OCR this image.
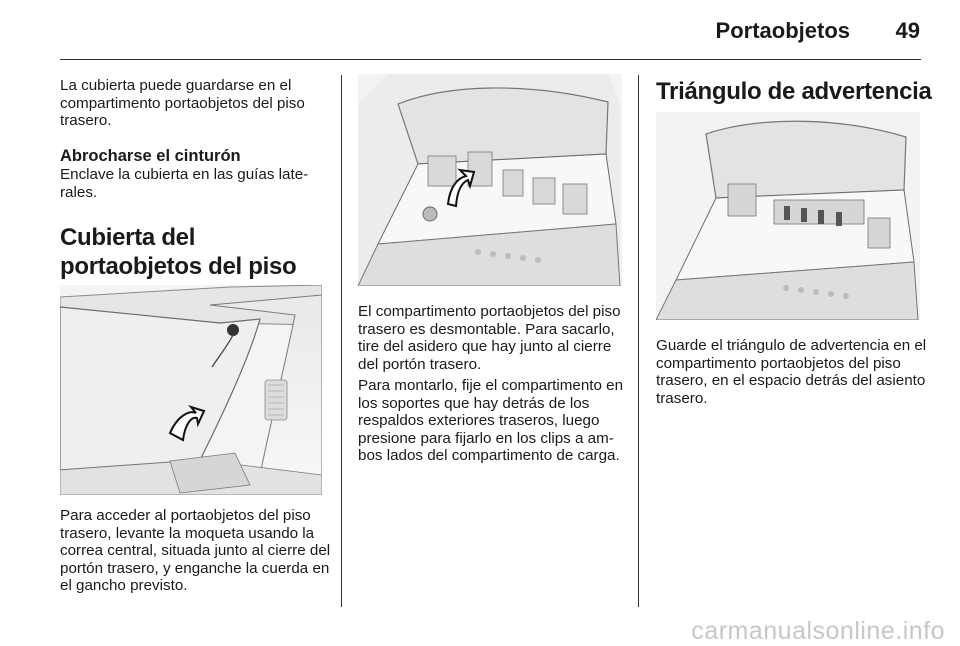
Portaobjetos	49

La cubierta puede guardarse en el compartimento portaobjetos del piso trasero.

Abrocharse el cinturón

Enclave la cubierta en las guías late-rales.

Cubierta del portaobjetos del piso

Para acceder al portaobjetos del piso trasero, levante la moqueta usando la correa central, situada junto al cierre del portón trasero, y enganche la cuerda en el gancho previsto.

El compartimento portaobjetos del piso trasero es desmontable. Para sacarlo, tire del asidero que hay junto al cierre del portón trasero.

Para montarlo, fije el compartimento en los soportes que hay detrás de los respaldos exteriores traseros, luego presione para fijarlo en los clips a am-bos lados del compartimento de carga.

Triángulo de advertencia

Guarde el triángulo de advertencia en el compartimento portaobjetos del piso trasero, en el espacio detrás del asiento trasero.

carmanualsonline.info
